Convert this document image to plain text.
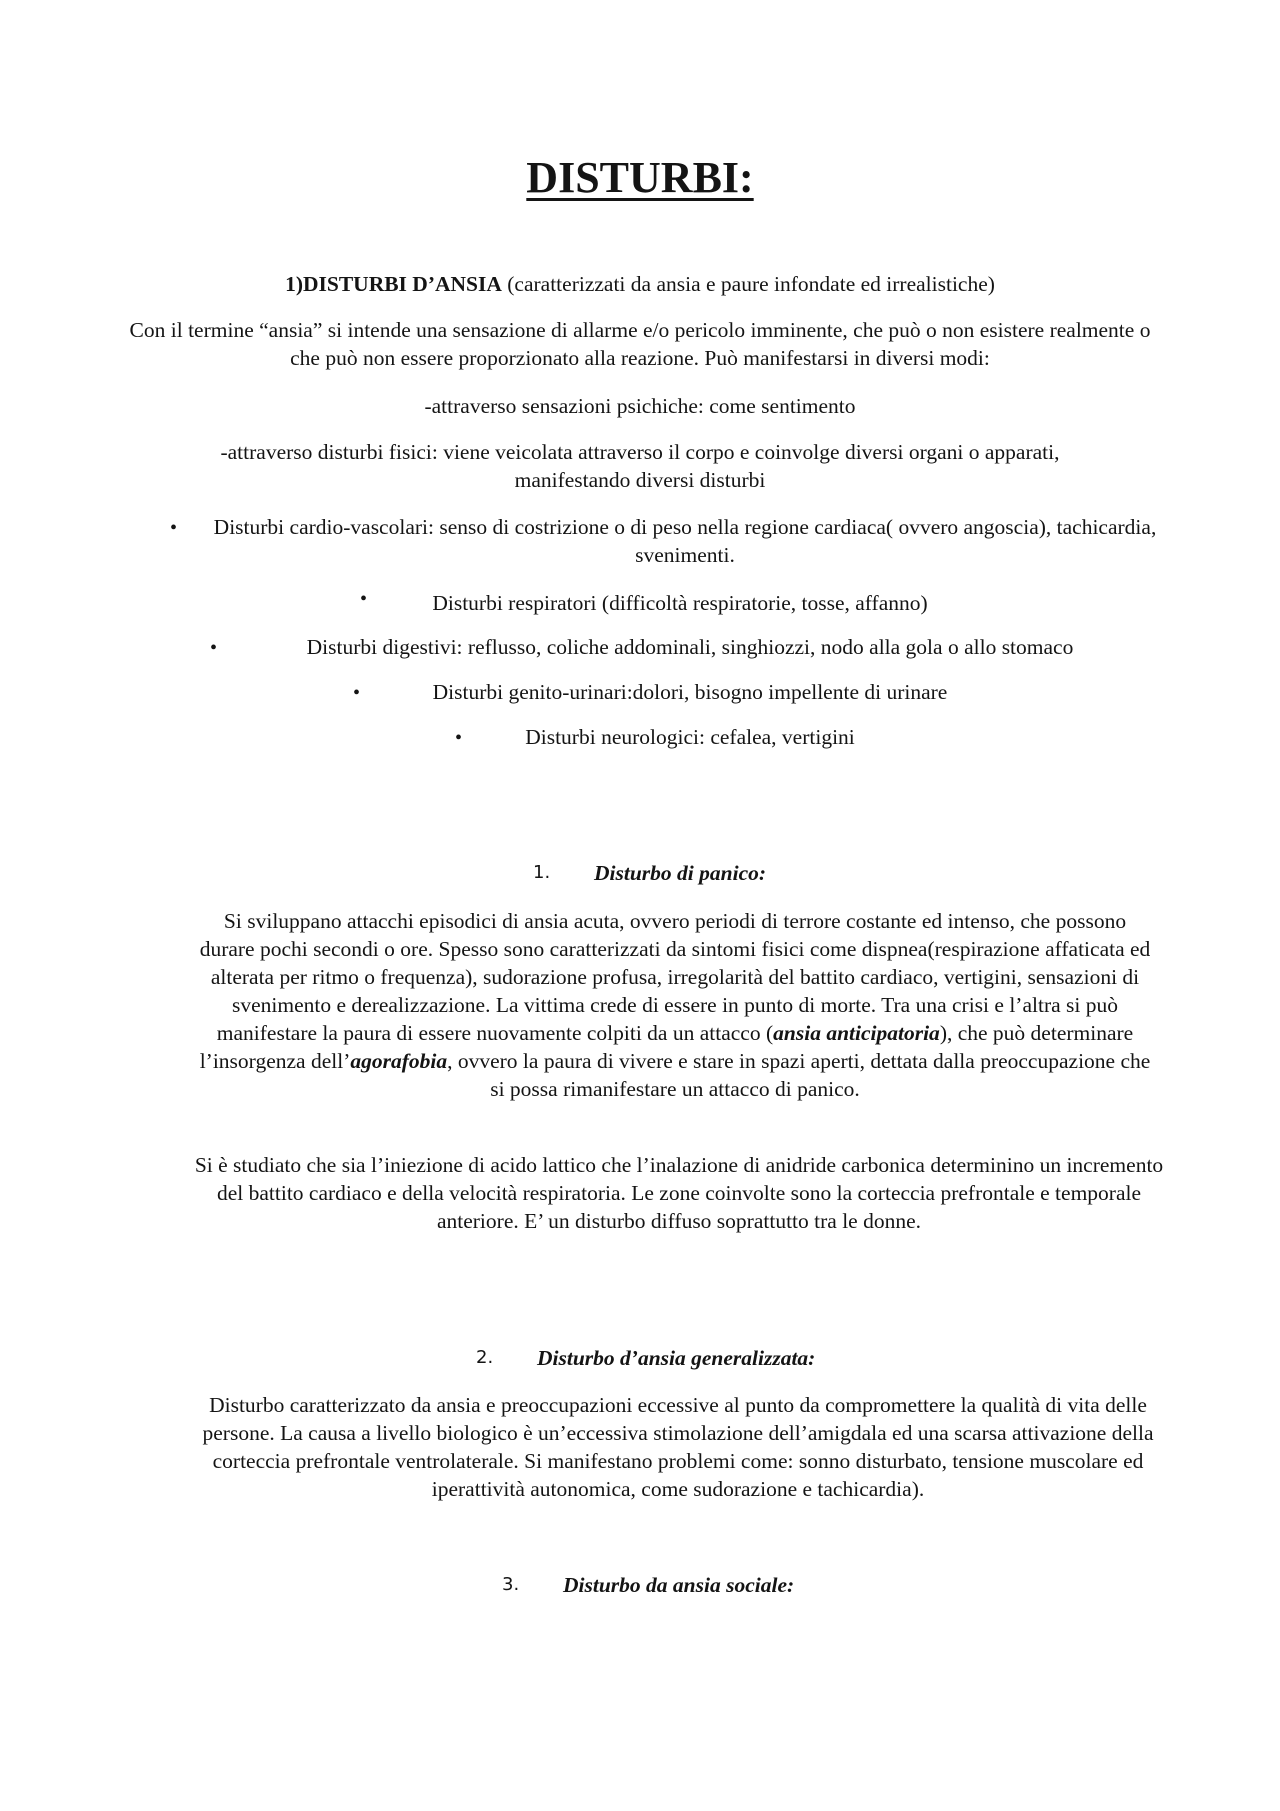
DISTURBI:

1)DISTURBI D’ANSIA (caratterizzati da ansia e paure infondate ed irrealistiche)

Con il termine “ansia” si intende una sensazione di allarme e/o pericolo imminente, che può o non esistere realmente o che può non essere proporzionato alla reazione. Può manifestarsi in diversi modi:

-attraverso sensazioni psichiche: come sentimento

-attraverso disturbi fisici: viene veicolata attraverso il corpo e coinvolge diversi organi o apparati, manifestando diversi disturbi

• Disturbi cardio-vascolari: senso di costrizione o di peso nella regione cardiaca( ovvero angoscia), tachicardia, svenimenti.

•	Disturbi respiratori (difficoltà respiratorie, tosse, affanno)

•	Disturbi digestivi: reflusso, coliche addominali, singhiozzi, nodo alla gola o allo stomaco

•	Disturbi genito-urinari:dolori, bisogno impellente di urinare

•	Disturbi neurologici: cefalea, vertigini

1. Disturbo di panico:

Si sviluppano attacchi episodici di ansia acuta, ovvero periodi di terrore costante ed intenso, che possono durare pochi secondi o ore. Spesso sono caratterizzati da sintomi fisici come dispnea(respirazione affaticata ed alterata per ritmo o frequenza), sudorazione profusa, irregolarità del battito cardiaco, vertigini, sensazioni di svenimento e derealizzazione. La vittima crede di essere in punto di morte. Tra una crisi e l’altra si può manifestare la paura di essere nuovamente colpiti da un attacco (ansia anticipatoria), che può determinare l’insorgenza dell’agorafobia, ovvero la paura di vivere e stare in spazi aperti, dettata dalla preoccupazione che si possa rimanifestare un attacco di panico.

Si è studiato che sia l’iniezione di acido lattico che l’inalazione di anidride carbonica determinino un incremento del battito cardiaco e della velocità respiratoria. Le zone coinvolte sono la corteccia prefrontale e temporale anteriore. E’ un disturbo diffuso soprattutto tra le donne.

2. Disturbo d’ansia generalizzata:

Disturbo caratterizzato da ansia e preoccupazioni eccessive al punto da compromettere la qualità di vita delle persone. La causa a livello biologico è un’eccessiva stimolazione dell’amigdala ed una scarsa attivazione della corteccia prefrontale ventrolaterale. Si manifestano problemi come: sonno disturbato, tensione muscolare ed iperattività autonomica, come sudorazione e tachicardia).

3. Disturbo da ansia sociale:
